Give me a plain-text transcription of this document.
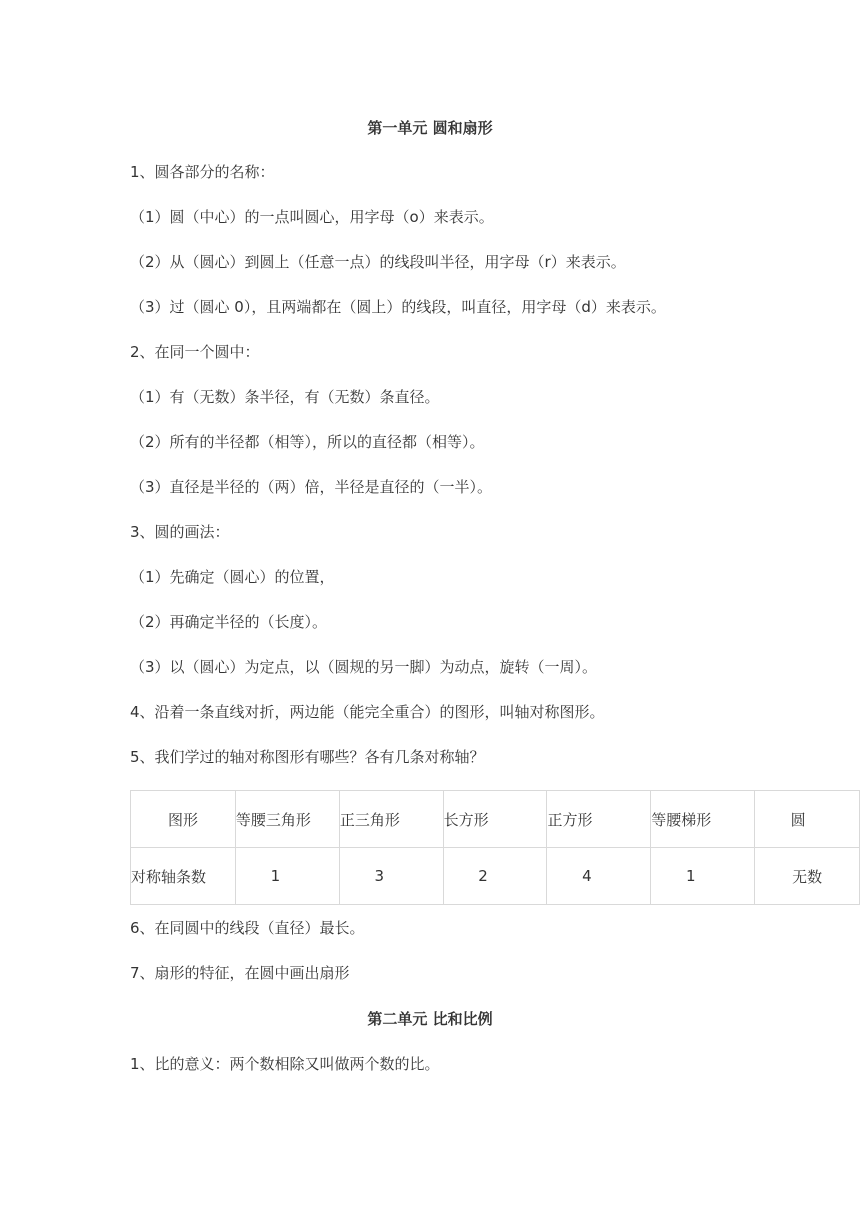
第一单元 圆和扇形
1、圆各部分的名称：
（1）圆（中心）的一点叫圆心，用字母（o）来表示。
（2）从（圆心）到圆上（任意一点）的线段叫半径，用字母（r）来表示。
（3）过（圆心 0），且两端都在（圆上）的线段，叫直径，用字母（d）来表示。
2、在同一个圆中：
（1）有（无数）条半径，有（无数）条直径。
（2）所有的半径都（相等），所以的直径都（相等）。
（3）直径是半径的（两）倍，半径是直径的（一半）。
3、圆的画法：
（1）先确定（圆心）的位置，
（2）再确定半径的（长度）。
（3）以（圆心）为定点，以（圆规的另一脚）为动点，旋转（一周）。
4、沿着一条直线对折，两边能（能完全重合）的图形，叫轴对称图形。
5、我们学过的轴对称图形有哪些？各有几条对称轴？
图形	等腰三角形	正三角形	长方形	正方形	等腰梯形	圆
对称轴条数	1	3	2	4	1	无数
6、在同圆中的线段（直径）最长。
7、扇形的特征，在圆中画出扇形
第二单元 比和比例
1、比的意义：两个数相除又叫做两个数的比。
